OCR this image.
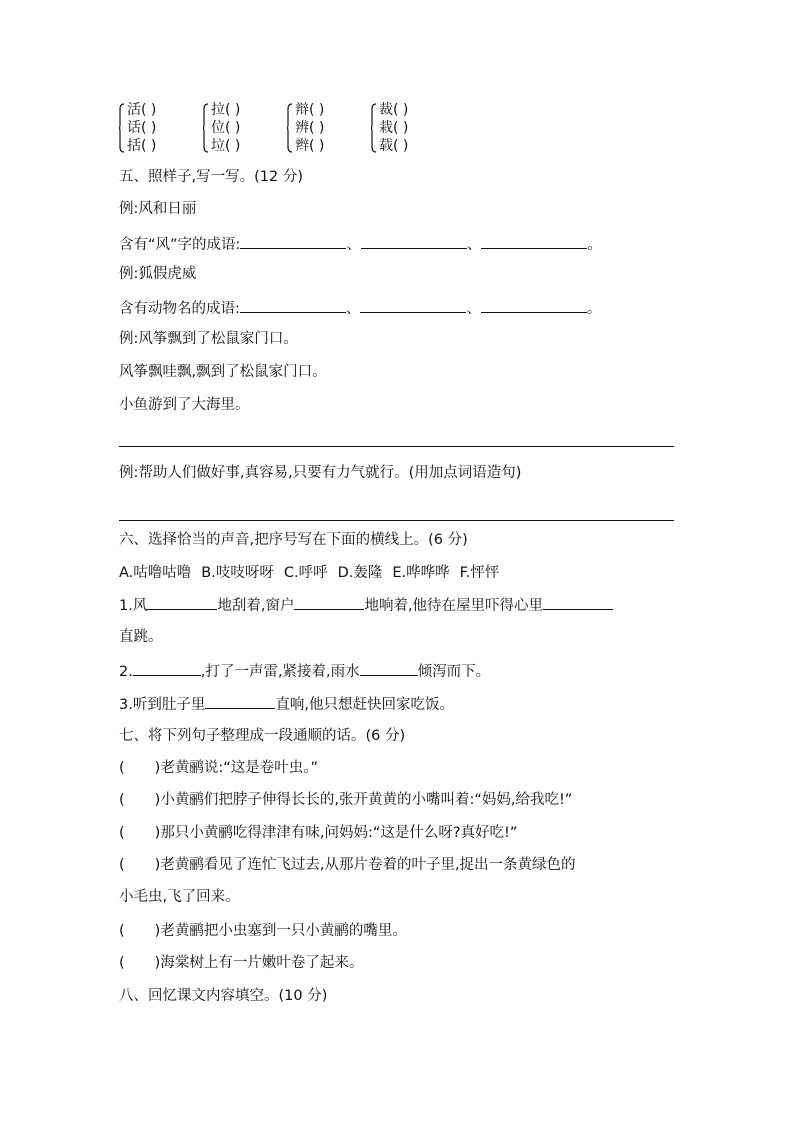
活( )
话( )
括( )
拉( )
位( )
垃( )
辩( )
辨( )
辫( )
裁( )
栽( )
载( )
五、照样子,写一写。(12 分)
例:风和日丽
含有“风”字的成语:	、	、	。
例:狐假虎威
含有动物名的成语:	、	、	。
例:风筝飘到了松鼠家门口。
风筝飘哇飘,飘到了松鼠家门口。
小鱼游到了大海里。
例:帮助人们做好事,真容易,只要有力气就行。(用加点词语造句)
六、选择恰当的声音,把序号写在下面的横线上。(6 分)
A.咕噜咕噜 B.吱吱呀呀 C.呼呼 D.轰隆 E.哗哗哗 F.怦怦
1.风	地刮着,窗户	地响着,他待在屋里吓得心里
直跳。
2.	,打了一声雷,紧接着,雨水	倾泻而下。
3.听到肚子里	直响,他只想赶快回家吃饭。
七、将下列句子整理成一段通顺的话。(6 分)
( )老黄鹂说:“这是卷叶虫。”
( )小黄鹂们把脖子伸得长长的,张开黄黄的小嘴叫着:“妈妈,给我吃!”
( )那只小黄鹂吃得津津有味,问妈妈:“这是什么呀?真好吃!”
( )老黄鹂看见了连忙飞过去,从那片卷着的叶子里,捉出一条黄绿色的
小毛虫,飞了回来。
( )老黄鹂把小虫塞到一只小黄鹂的嘴里。
( )海棠树上有一片嫩叶卷了起来。
八、回忆课文内容填空。(10 分)
